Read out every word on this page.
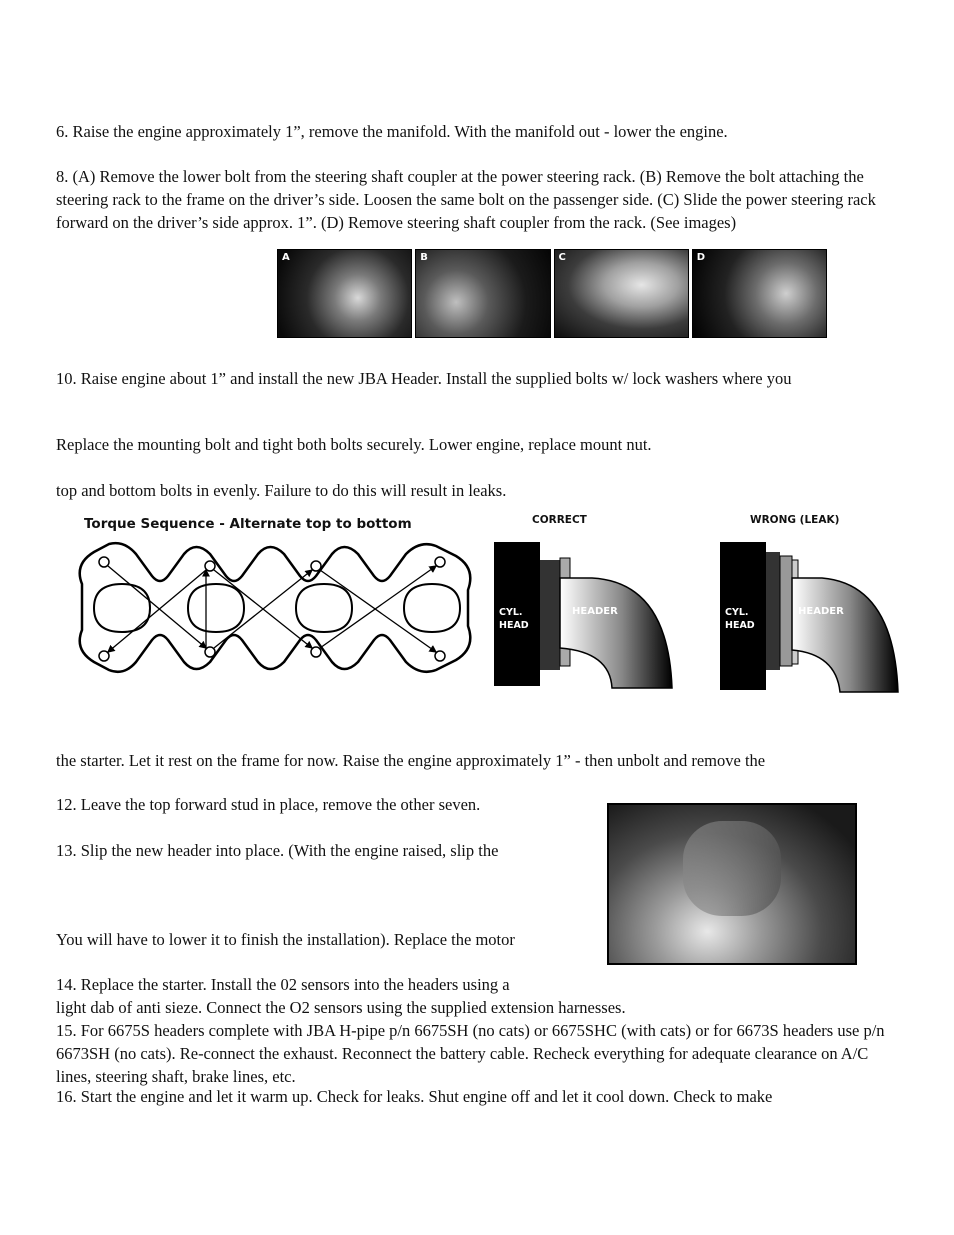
6. Raise the engine approximately 1”, remove the manifold. With the manifold out - lower the engine.

8. (A) Remove the lower bolt from the steering shaft coupler at the power steering rack. (B) Remove the bolt attaching the steering rack to the frame on the driver’s side. Loosen the same bolt on the passenger side. (C) Slide the power steering rack forward on the driver’s side approx. 1”. (D) Remove steering shaft coupler from the rack. (See images)

A	B	C	D

10. Raise engine about 1” and install the new JBA Header. Install the supplied bolts w/ lock washers where you

Replace the mounting bolt and tight both bolts securely. Lower engine, replace mount nut.

top and bottom bolts in evenly. Failure to do this will result in leaks.

Torque Sequence - Alternate top to bottom	CORRECT
CYL.
HEAD
HEADER
WRONG (LEAK)
CYL.
HEAD
HEADER

the starter. Let it rest on the frame for now. Raise the engine approximately 1” - then unbolt and remove the

12. Leave the top forward stud in place, remove the other seven.

13. Slip the new header into place. (With the engine raised, slip the

You will have to lower it to finish the installation). Replace the motor

14. Replace the starter. Install the 02 sensors into the headers using a

light dab of anti sieze. Connect the O2 sensors using the supplied extension harnesses.

15. For 6675S headers complete with JBA H-pipe p/n 6675SH (no cats) or 6675SHC (with cats) or for 6673S headers use p/n 6673SH (no cats). Re-connect the exhaust. Reconnect the battery cable. Recheck everything for adequate clearance on A/C lines, steering shaft, brake lines, etc.

16. Start the engine and let it warm up. Check for leaks. Shut engine off and let it cool down. Check to make
